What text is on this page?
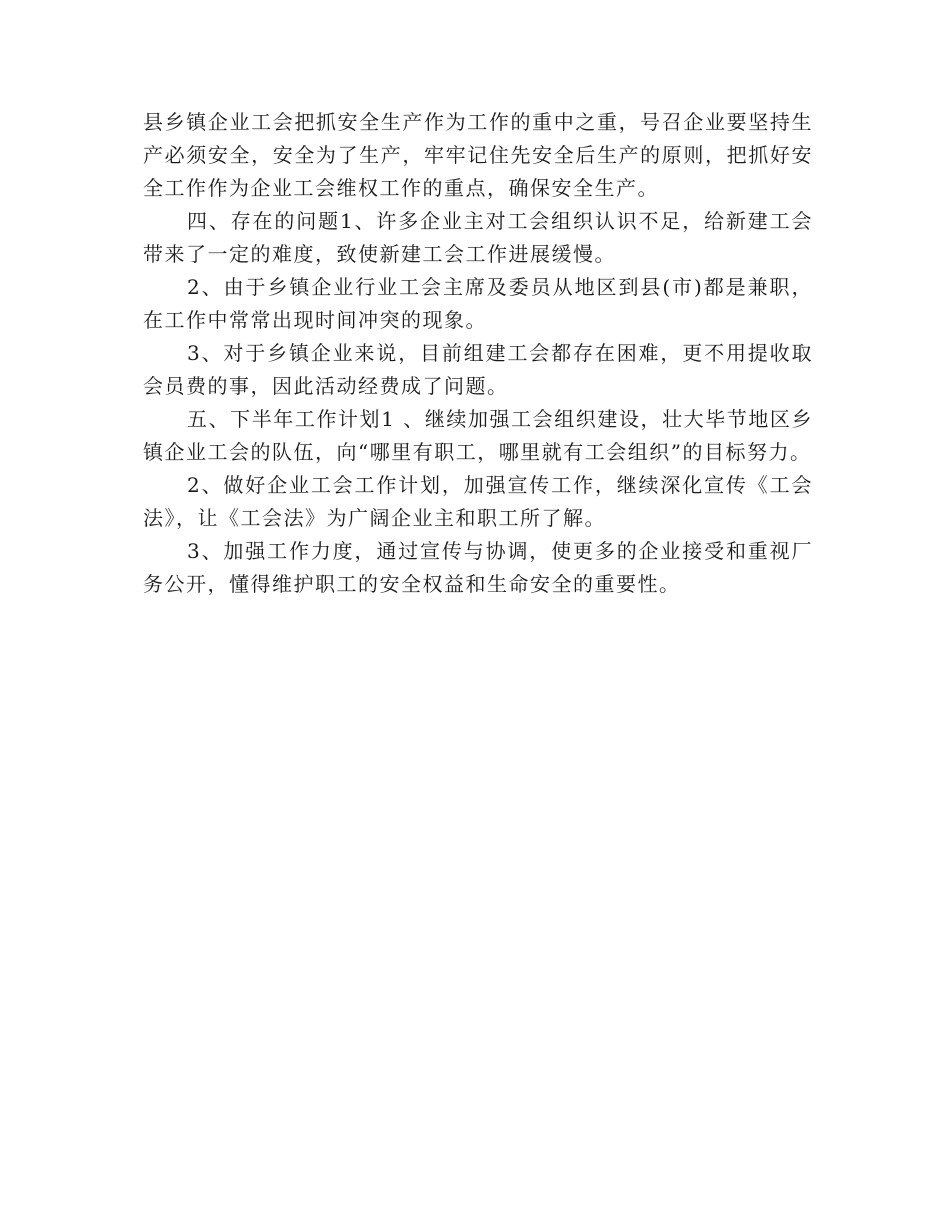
县乡镇企业工会把抓安全生产作为工作的重中之重，号召企业要坚持生产必须安全，安全为了生产，牢牢记住先安全后生产的原则，把抓好安全工作作为企业工会维权工作的重点，确保安全生产。

四、存在的问题1、许多企业主对工会组织认识不足，给新建工会带来了一定的难度，致使新建工会工作进展缓慢。

2、由于乡镇企业行业工会主席及委员从地区到县(市)都是兼职，在工作中常常出现时间冲突的现象。

3、对于乡镇企业来说，目前组建工会都存在困难，更不用提收取会员费的事，因此活动经费成了问题。

五、下半年工作计划1 、继续加强工会组织建设，壮大毕节地区乡镇企业工会的队伍，向“哪里有职工，哪里就有工会组织”的目标努力。

2、做好企业工会工作计划，加强宣传工作，继续深化宣传《工会法》，让《工会法》为广阔企业主和职工所了解。

3、加强工作力度，通过宣传与协调，使更多的企业接受和重视厂务公开，懂得维护职工的安全权益和生命安全的重要性。
